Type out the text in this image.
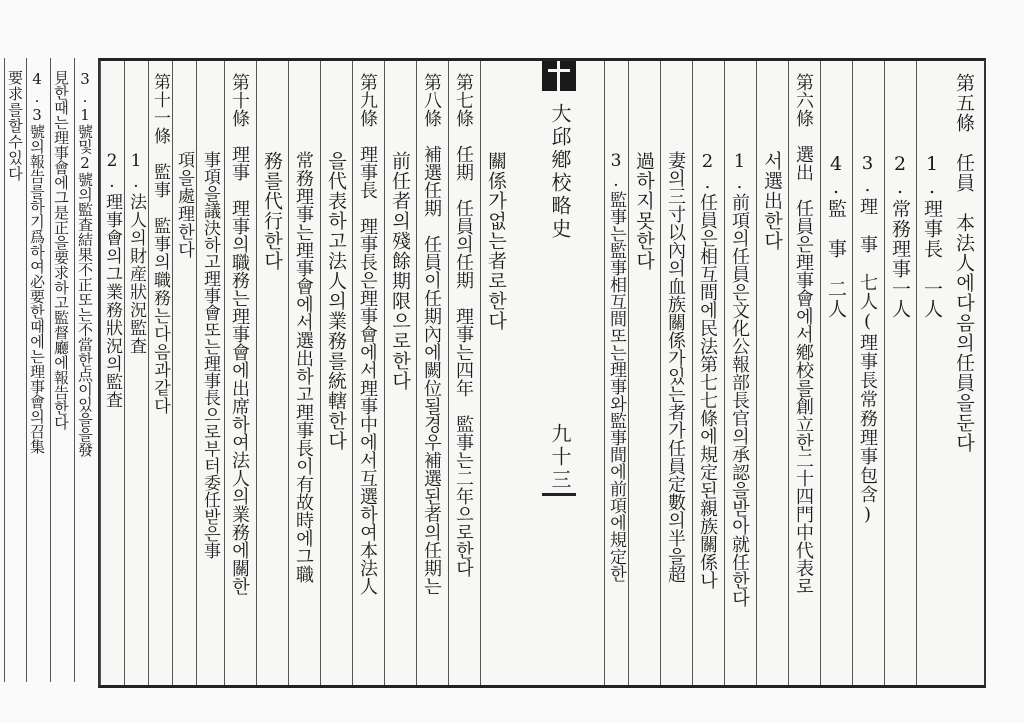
大邱鄕校略史
九十三
第五條　任員　本法人에다음의任員을둔다
1.理事長　一人
2.常務理事一人
3.理　事　七人(理事長常務理事包含)
4.監　事　二人
第六條　選出　任員은理事會에서鄕校를創立한二十四門中代表로
서選出한다
1.前項의任員은文化公報部長官의承認을받아就任한다
2.任員은相互間에民法第七七條에規定된親族關係나
妻의三寸以內의血族關係가있는者가任員定數의半을超
過하지못한다
3.監事는監事相互間또는理事와監事間에前項에規定한
關係가없는者로한다
第七條　任期　任員의任期　理事는四年　監事는二年으로한다
第八條　補選任期　任員이任期內에闕位될경우補選된者의任期는
前任者의殘餘期限으로한다
第九條　理事長　理事長은理事會에서理事中에서互選하여本法人
을代表하고法人의業務를統轄한다
常務理事는理事會에서選出하고理事長이有故時에그職
務를代行한다
第十條　理事　理事의職務는理事會에出席하여法人의業務에關한
事項을議決하고理事會또는理事長으로부터委任받은事
項을處理한다
第十一條　監事　監事의職務는다음과같다
1.法人의財産狀況監査
2.理事會의그業務狀況의監査
3.1號및2號의監査結果不正또는不當한点이있을을發
見한때는理事會에그是正을要求하고監督廳에報告한다
4.3號의報告를하기爲하여必要한때에는理事會의召集
要求를할수있다
